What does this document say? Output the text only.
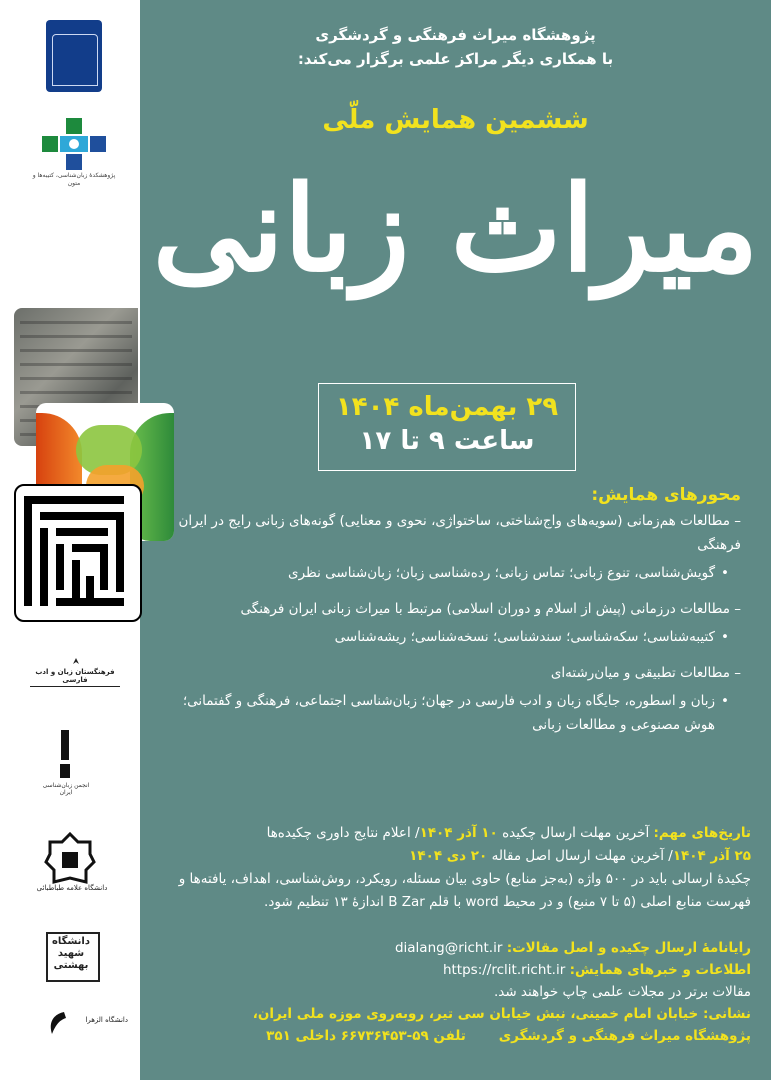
پژوهشکدهٔ زبان‌شناسی، کتیبه‌ها و متون
فرهنگستان زبان و ادب فارسی
انجمن زبان‌شناسی ایران
دانشگاه علامه طباطبائی
دانشگاه شهید بهشتی
دانشگاه الزهرا
پژوهشگاه میراث فرهنگی و گردشگری
با همکاری دیگر مراکز علمی برگزار می‌کند:
ششمین همایش ملّی
میراث زبانی
۲۹ بهمن‌ماه ۱۴۰۴
ساعت ۹ تا ۱۷
محورهای همایش:
– مطالعات هم‌زمانی (سویه‌های واج‌شناختی، ساختواژی، نحوی و معنایی) گونه‌های زبانی رایج در ایران فرهنگی
•
گویش‌شناسی، تنوع زبانی؛ تماس زبانی؛ رده‌شناسی زبان؛ زبان‌شناسی نظری
– مطالعات درزمانی (پیش از اسلام و دوران اسلامی) مرتبط با میراث زبانی ایران فرهنگی
•
کتیبه‌شناسی؛ سکه‌شناسی؛ سندشناسی؛ نسخه‌شناسی؛ ریشه‌شناسی
– مطالعات تطبیقی و میان‌رشته‌ای
•
زبان و اسطوره، جایگاه زبان و ادب فارسی در جهان؛ زبان‌شناسی اجتماعی، فرهنگی و گفتمانی؛ هوش مصنوعی و مطالعات زبانی
تاریخ‌های مهم: آخرین مهلت ارسال چکیده ۱۰ آذر ۱۴۰۴/ اعلام نتایج داوری چکیده‌ها
۲۵ آذر ۱۴۰۴/ آخرین مهلت ارسال اصل مقاله ۲۰ دی ۱۴۰۴
چکیدهٔ ارسالی باید در ۵۰۰ واژه (به‌جز منابع) حاوی بیان مسئله، رویکرد، روش‌شناسی، اهداف، یافته‌ها و فهرست منابع اصلی (۵ تا ۷ منبع) و در محیط word با قلم B Zar اندازهٔ ۱۳ تنظیم شود.
رایانامهٔ ارسال چکیده و اصل مقالات: dialang@richt.ir
اطلاعات و خبرهای همایش: https://rclit.richt.ir
مقالات برتر در مجلات علمی چاپ خواهند شد.
نشانی: خیابان امام خمینی، نبش خیابان سی تیر، روبه‌روی موزه ملی ایران،
پژوهشگاه میراث فرهنگی و گردشگری       تلفن ۵۹-۶۶۷۳۶۴۵۳ داخلی ۳۵۱
